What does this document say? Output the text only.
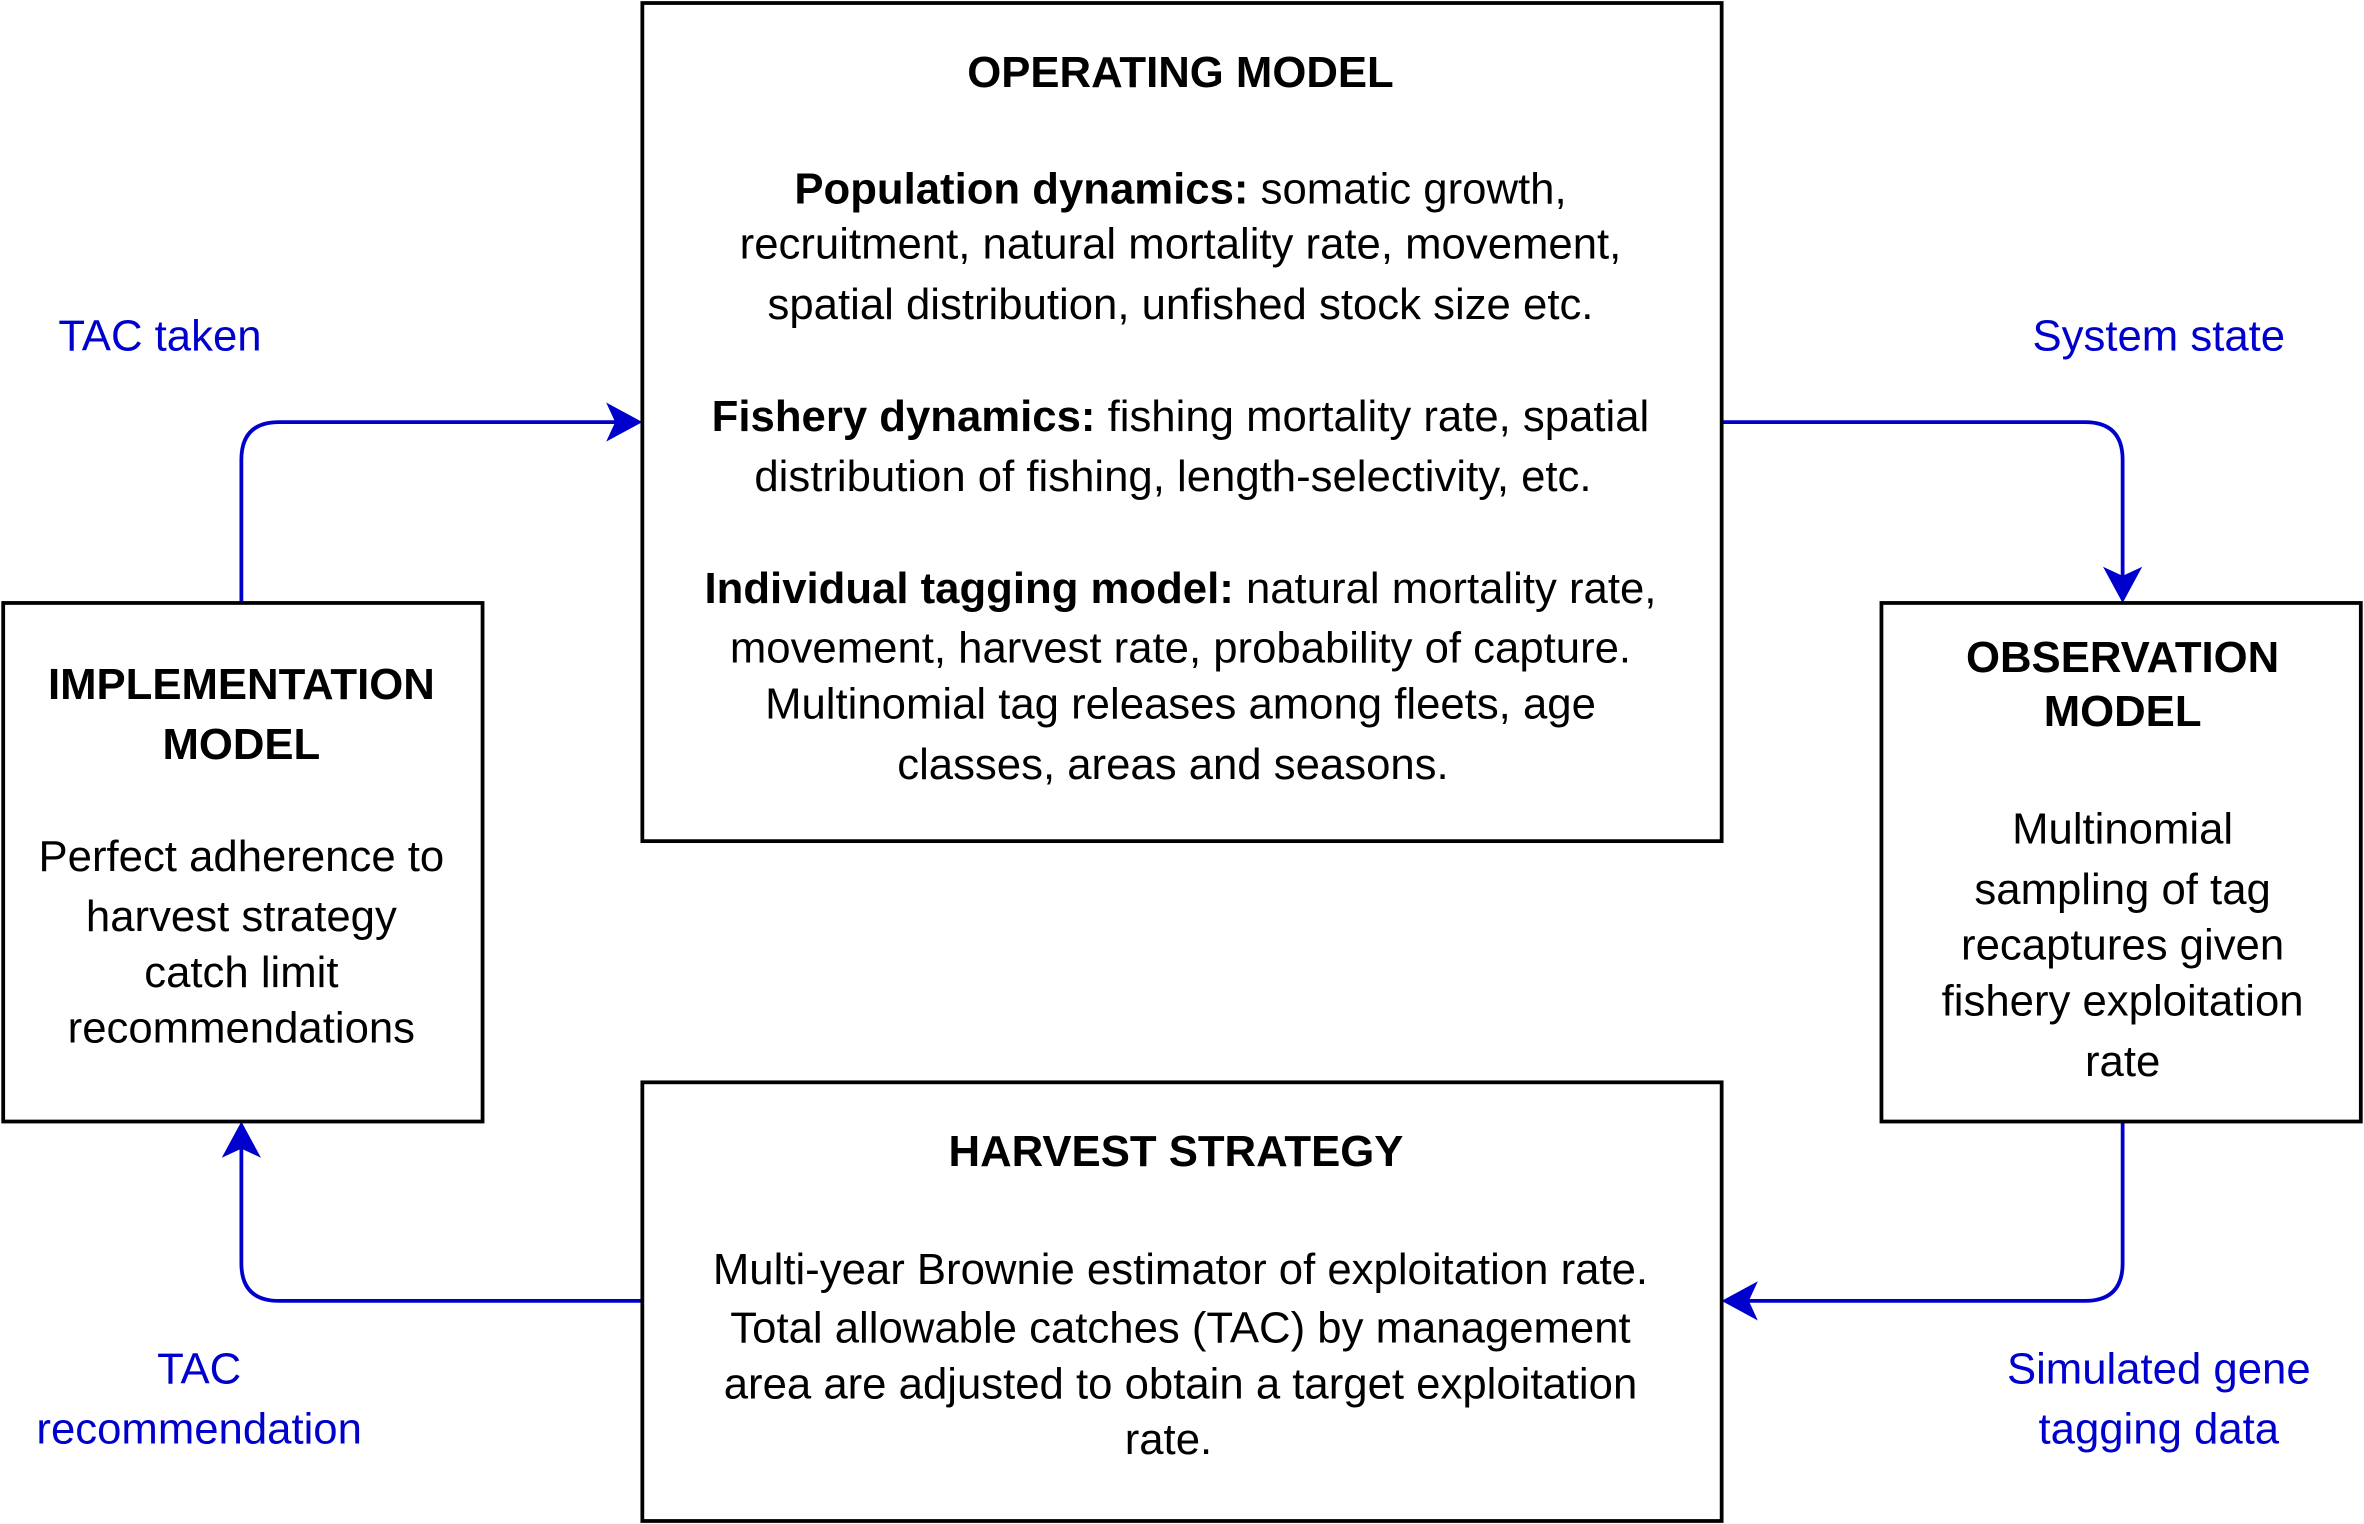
OPERATING MODEL
Population dynamics: somatic growth,
recruitment, natural mortality rate, movement,
spatial distribution, unfished stock size etc.
Fishery dynamics: fishing mortality rate, spatial
distribution of fishing, length-selectivity, etc.
Individual tagging model: natural mortality rate,
movement, harvest rate, probability of capture.
Multinomial tag releases among fleets, age
classes, areas and seasons.
IMPLEMENTATION
MODEL
Perfect adherence to
harvest strategy
catch limit
recommendations
OBSERVATION
MODEL
Multinomial
sampling of tag
recaptures given
fishery exploitation
rate
HARVEST STRATEGY
Multi-year Brownie estimator of exploitation rate.
Total allowable catches (TAC) by management
area are adjusted to obtain a target exploitation
rate.
TAC taken	System state
TAC
recommendation
Simulated gene
tagging data
